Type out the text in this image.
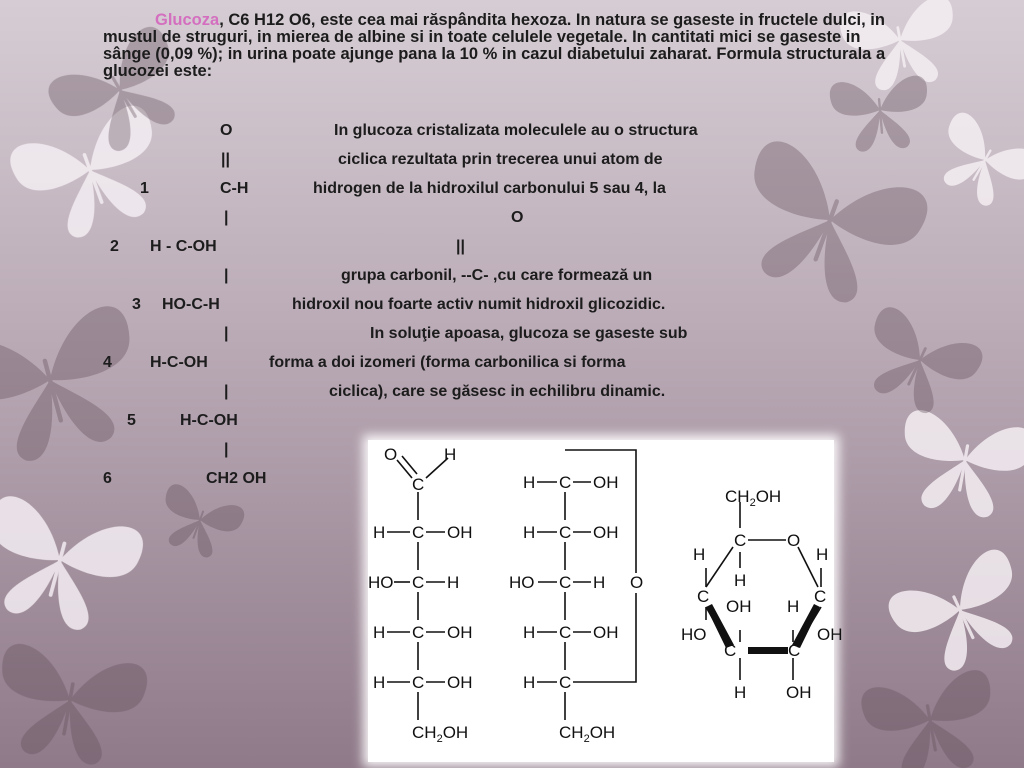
Glucoza, C6 H12 O6, este cea mai răspândita hexoza. In natura se gaseste in fructele dulci, in mustul de struguri, in mierea de albine si in toate celulele vegetale. In cantitati mici se gaseste in sânge (0,09 %); in urina poate ajunge pana la 10 % in cazul diabetului zaharat. Formula structurala a glucozei este:
O
||
1	C-H
|
2 H - C-OH
|
3 HO-C-H
|
4 H-C-OH
|
5	H-C-OH
|
6	CH2 OH
In glucoza cristalizata moleculele au o structura
ciclica rezultata prin trecerea unui atom de
hidrogen de la hidroxilul carbonului 5 sau 4, la
O
||
grupa carbonil, --C- ,cu care formează un
hidroxil nou foarte activ numit hidroxil glicozidic.
In soluţie apoasa, glucoza se gaseste sub
forma a doi izomeri (forma carbonilica si forma
ciclica), care se găsesc in echilibru dinamic.
O	H
C
H C OH
HO C H
H C OH
H C OH
$CH_2OH$
H C OH
H C OH
HO C H O
H C OH
H C
$CH_2OH$
$CH_2OH$
C O
H	H
H
C	C
OH H
HO	OH
C	C
H OH
